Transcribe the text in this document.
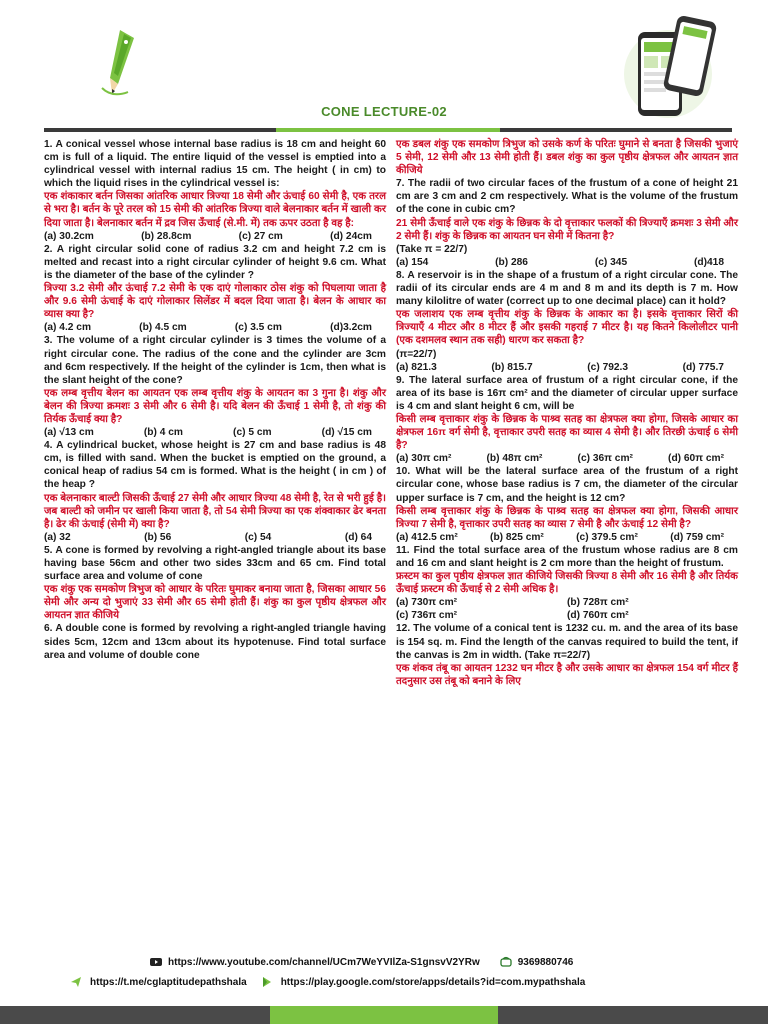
CONE LECTURE-02

1. A conical vessel whose internal base radius is 18 cm and height 60 cm is full of a liquid. The entire liquid of the vessel is emptied into a cylindrical vessel with internal radius 15 cm. The height ( in cm) to which the liquid rises in the cylindrical vessel is:

एक शंकाकार बर्तन जिसका आंतरिक आधार त्रिज्या 18 सेमी और ऊंचाई 60 सेमी है, एक तरल से भरा है। बर्तन के पूरे तरल को 15 सेमी की आंतरिक त्रिज्या वाले बेलनाकार बर्तन में खाली कर दिया जाता है। बेलनाकार बर्तन में द्रव जिस ऊँचाई (से.मी. में) तक ऊपर उठता है वह है:

(a) 30.2cm	(b) 28.8cm	(c) 27 cm	(d) 24cm

2. A right circular solid cone of radius 3.2 cm and height 7.2 cm is melted and recast into a right circular cylinder of height 9.6 cm. What is the diameter of the base of the cylinder ?

त्रिज्या 3.2 सेमी और ऊंचाई 7.2 सेमी के एक दाएं गोलाकार ठोस शंकु को पिघलाया जाता है और 9.6 सेमी ऊंचाई के दाएं गोलाकार सिलेंडर में बदल दिया जाता है। बेलन के आधार का व्यास क्या है?

(a) 4.2 cm	(b) 4.5 cm	(c) 3.5 cm	(d)3.2cm

3. The volume of a right circular cylinder is 3 times the volume of a right circular cone. The radius of the cone and the cylinder are 3cm and 6cm respectively. If the height of the cylinder is 1cm, then what is the slant height of the cone?

एक लम्ब वृत्तीय बेलन का आयतन एक लम्ब वृत्तीय शंकु के आयतन का 3 गुना है। शंकु और बेलन की त्रिज्या क्रमशः 3 सेमी और 6 सेमी है। यदि बेलन की ऊँचाई 1 सेमी है, तो शंकु की तिर्यक ऊँचाई क्या है?

(a) √13 cm	(b) 4 cm	(c) 5 cm	(d) √15 cm

4. A cylindrical bucket, whose height is 27 cm and base radius is 48 cm, is filled with sand. When the bucket is emptied on the ground, a conical heap of radius 54 cm is formed. What is the height ( in cm ) of the heap ?

एक बेलनाकार बाल्टी जिसकी ऊँचाई 27 सेमी और आधार त्रिज्या 48 सेमी है, रेत से भरी हुई है। जब बाल्टी को जमीन पर खाली किया जाता है, तो 54 सेमी त्रिज्या का एक शंक्वाकार ढेर बनता है। ढेर की ऊंचाई (सेमी में) क्या है?

(a) 32	(b) 56	(c) 54	(d) 64

5. A cone is formed by revolving a right-angled triangle about its base having base 56cm and other two sides 33cm and 65 cm. Find total surface area and volume of cone

एक शंकु एक समकोण त्रिभुज को आधार के परितः घुमाकर बनाया जाता है, जिसका आधार 56 सेमी और अन्य दो भुजाएं 33 सेमी और 65 सेमी होती हैं। शंकु का कुल पृष्ठीय क्षेत्रफल और आयतन ज्ञात कीजिये

6. A double cone is formed by revolving a right-angled triangle having sides 5cm, 12cm and 13cm about its hypotenuse. Find total surface area and volume of double cone

एक डबल शंकु एक समकोण त्रिभुज को उसके कर्ण के परितः घुमाने से बनता है जिसकी भुजाएं 5 सेमी, 12 सेमी और 13 सेमी होती हैं। डबल शंकु का कुल पृष्ठीय क्षेत्रफल और आयतन ज्ञात कीजिये

7. The radii of two circular faces of the frustum of a cone of height 21 cm are 3 cm and 2 cm respectively. What is the volume of the frustum of the cone in cubic cm?

21 सेमी ऊँचाई वाले एक शंकु के छिन्नक के दो वृत्ताकार फलकों की त्रिज्याएँ क्रमशः 3 सेमी और 2 सेमी हैं। शंकु के छिन्नक का आयतन घन सेमी में कितना है?

(Take π = 22/7)

(a) 154	(b) 286	(c) 345	(d)418

8. A reservoir is in the shape of a frustum of a right circular cone. The radii of its circular ends are 4 m and 8 m and its depth is 7 m. How many kilolitre of water (correct up to one decimal place) can it hold?

एक जलाशय एक लम्ब वृत्तीय शंकु के छिन्नक के आकार का है। इसके वृत्ताकार सिरों की त्रिज्याएँ 4 मीटर और 8 मीटर हैं और इसकी गहराई 7 मीटर है। यह कितने किलोलीटर पानी (एक दशमलव स्थान तक सही) धारण कर सकता है?

(π=22/7)

(a) 821.3	(b) 815.7	(c) 792.3	(d) 775.7

9. The lateral surface area of frustum of a right circular cone, if the area of its base is 16π cm² and the diameter of circular upper surface is 4 cm and slant height 6 cm, will be

किसी लम्ब वृत्ताकार शंकु के छिन्नक के पाश्र्व सतह का क्षेत्रफल क्या होगा, जिसके आधार का क्षेत्रफल 16π वर्ग सेमी है, वृत्ताकार उपरी सतह का व्यास 4 सेमी है। और तिरछी ऊंचाई 6 सेमी है?

(a) 30π cm²	(b) 48π cm²	(c) 36π cm²	(d) 60π cm²

10. What will be the lateral surface area of the frustum of a right circular cone, whose base radius is 7 cm, the diameter of the circular upper surface is 7 cm, and the height is 12 cm?

किसी लम्ब वृत्ताकार शंकु के छिन्नक के पाश्र्व सतह का क्षेत्रफल क्या होगा, जिसकी आधार त्रिज्या 7 सेमी है, वृत्ताकार उपरी सतह का व्यास 7 सेमी है और ऊंचाई 12 सेमी है?

(a) 412.5 cm²	(b) 825 cm²	(c) 379.5 cm²	(d) 759 cm²

11. Find the total surface area of the frustum whose radius are 8 cm and 16 cm and slant height is 2 cm more than the height of frustum.

फ्रस्टम का कुल पृष्ठीय क्षेत्रफल ज्ञात कीजिये जिसकी त्रिज्या 8 सेमी और 16 सेमी है और तिर्यक ऊँचाई फ्रस्टम की ऊँचाई से 2 सेमी अधिक है।

(a) 730π cm²	(b) 728π cm²
(c) 736π cm²	(d) 760π cm²

12. The volume of a conical tent is 1232 cu. m. and the area of its base is 154 sq. m. Find the length of the canvas required to build the tent, if the canvas is 2m in width. (Take π=22/7)

एक शंकव तंबू का आयतन 1232 घन मीटर है और उसके आधार का क्षेत्रफल 154 वर्ग मीटर हैं तदनुसार उस तंबू को बनाने के लिए

https://www.youtube.com/channel/UCm7WeYVIlZa-S1gnsvV2YRw	9369880746
https://t.me/cglaptitudepathshala	https://play.google.com/store/apps/details?id=com.mypathshala
